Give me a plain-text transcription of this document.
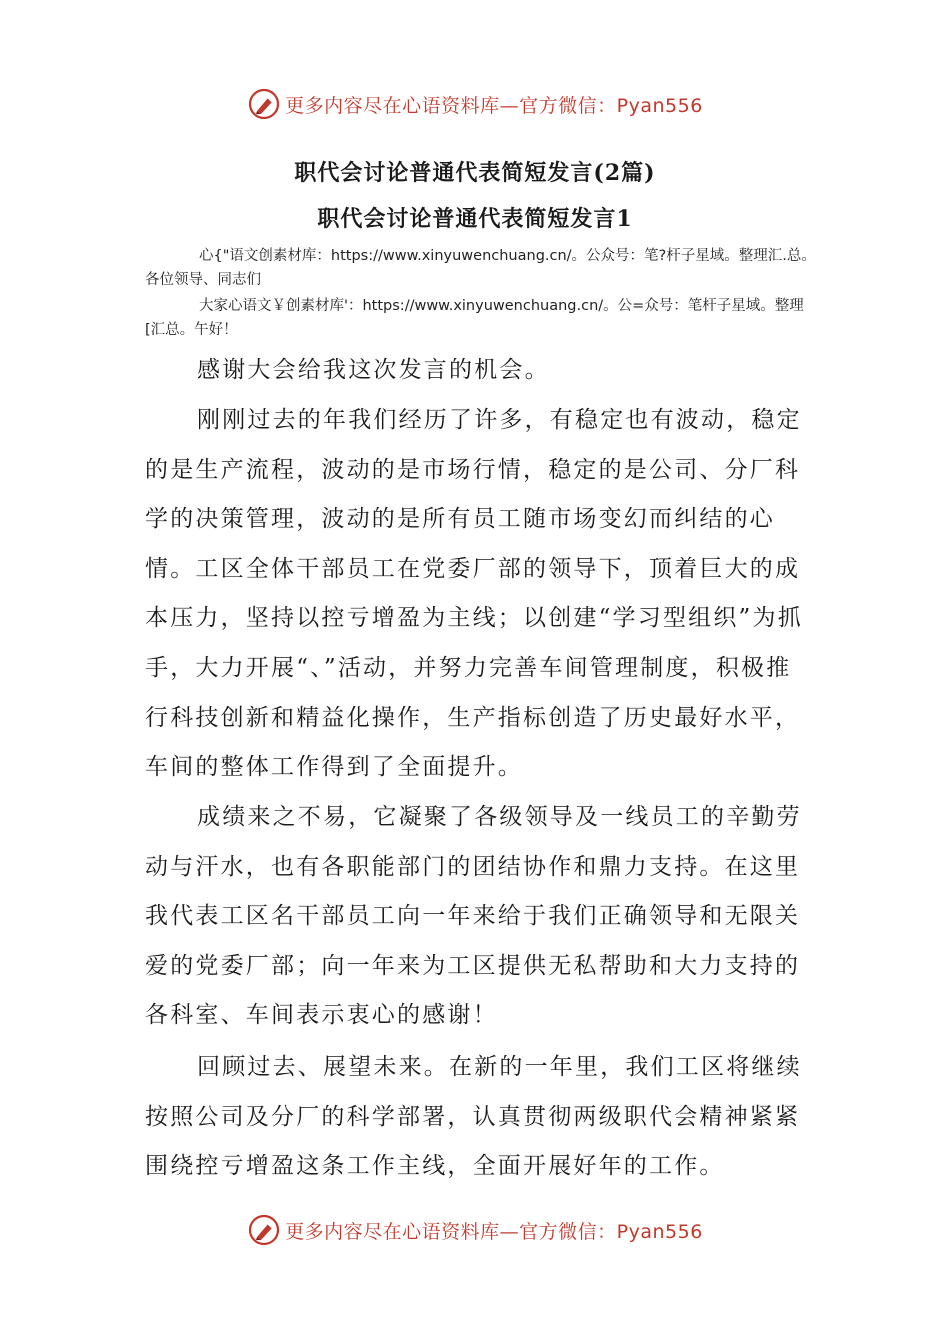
更多内容尽在心语资料库—官方微信：Pyan556
职代会讨论普通代表简短发言(2篇)
职代会讨论普通代表简短发言1

心{"语文创素材库：https://www.xinyuwenchuang.cn/。公众号：笔?杆子星域。整理汇.总。各位领导、同志们

大家心语文￥创素材库'：https://www.xinyuwenchuang.cn/。公=众号：笔杆子星域。整理[汇总。午好！

感谢大会给我这次发言的机会。

刚刚过去的年我们经历了许多，有稳定也有波动，稳定的是生产流程，波动的是市场行情，稳定的是公司、分厂科学的决策管理，波动的是所有员工随市场变幻而纠结的心情。工区全体干部员工在党委厂部的领导下，顶着巨大的成本压力，坚持以控亏增盈为主线；以创建“学习型组织”为抓手，大力开展“、”活动，并努力完善车间管理制度，积极推行科技创新和精益化操作，生产指标创造了历史最好水平，车间的整体工作得到了全面提升。

成绩来之不易，它凝聚了各级领导及一线员工的辛勤劳动与汗水，也有各职能部门的团结协作和鼎力支持。在这里我代表工区名干部员工向一年来给于我们正确领导和无限关爱的党委厂部；向一年来为工区提供无私帮助和大力支持的各科室、车间表示衷心的感谢！

回顾过去、展望未来。在新的一年里，我们工区将继续按照公司及分厂的科学部署，认真贯彻两级职代会精神紧紧围绕控亏增盈这条工作主线，全面开展好年的工作。

更多内容尽在心语资料库—官方微信：Pyan556
